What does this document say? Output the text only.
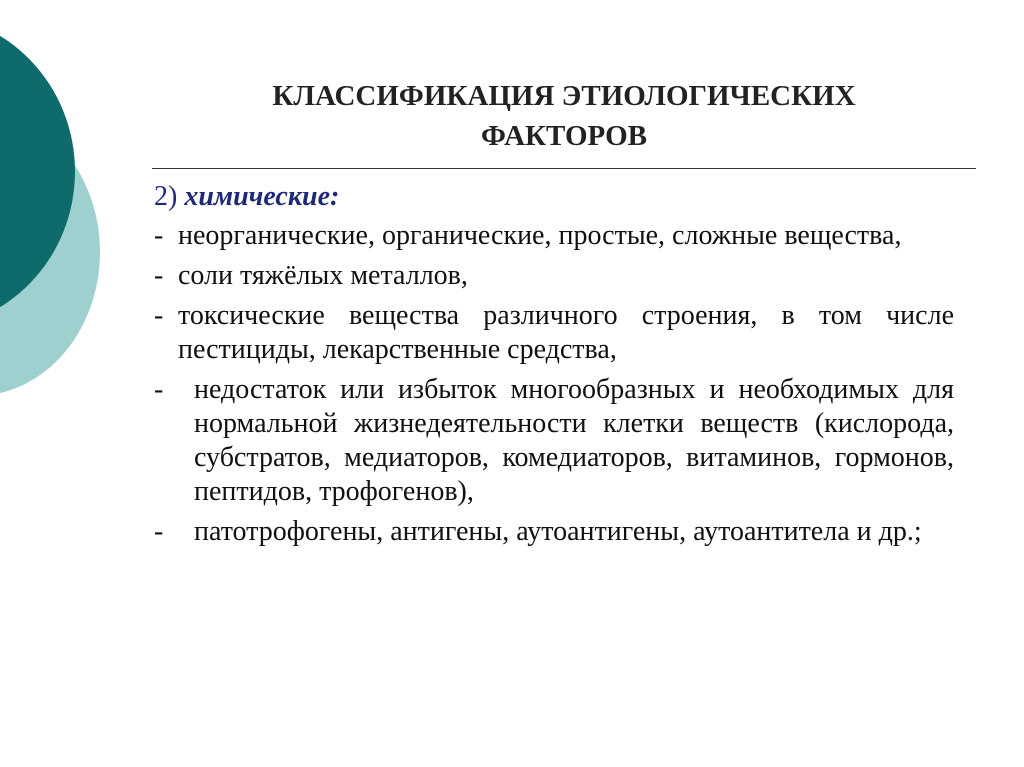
КЛАССИФИКАЦИЯ ЭТИОЛОГИЧЕСКИХ
ФАКТОРОВ

2) химические:

- неорганические, органические, простые, сложные вещества,
- соли тяжёлых металлов,
- токсические вещества различного строения, в том числе пестициды, лекарственные средства,
-	недостаток или избыток многообразных и необходимых для нормальной жизнедеятельности клетки веществ (кислорода, субстратов, медиаторов, комедиаторов, витаминов, гормонов, пептидов, трофогенов),
-	патотрофогены, антигены, аутоантигены, аутоантитела и др.;
